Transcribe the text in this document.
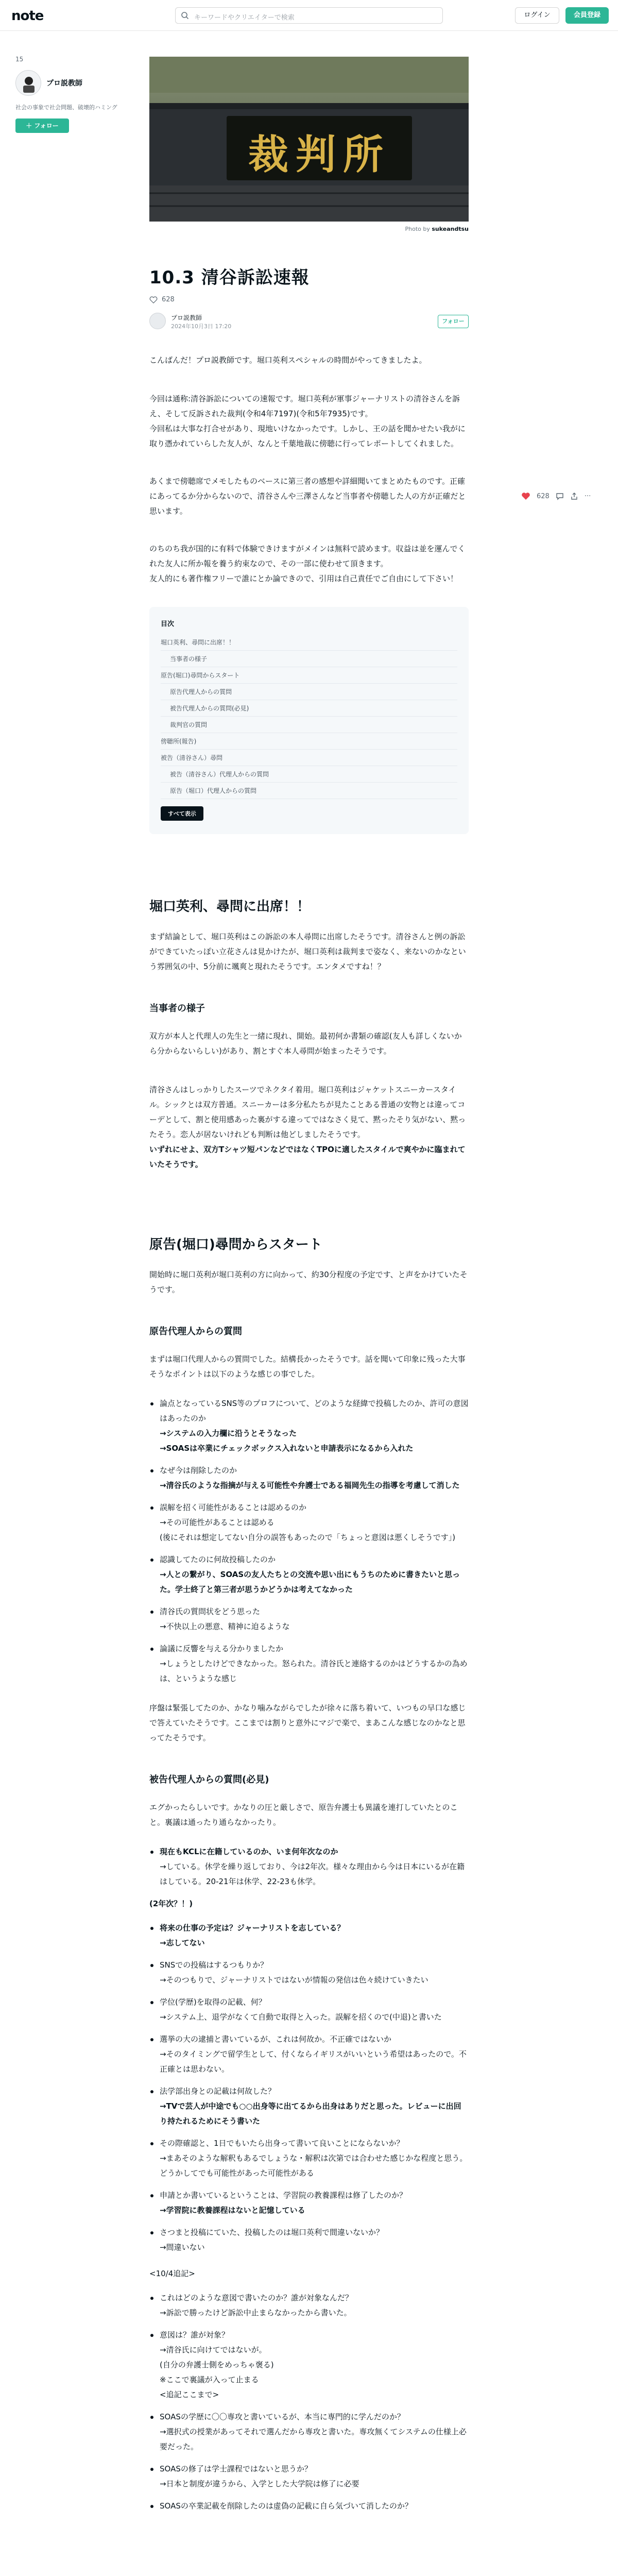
note	キーワードやクリエイターで検索	ログイン	会員登録
15
プロ説教師
社会の事象で社会問題、破壊的ハミング
＋ フォロー
628	···
裁判所
Photo by sukeandtsu
10.3 清谷訴訟速報
628
プロ説教師
2024年10月3日 17:20
フォロー

こんばんだ！プロ説教師です。堀口英利スペシャルの時間がやってきましたよ。

今回は通称:清谷訴訟についての速報です。堀口英利が軍事ジャーナリストの清谷さんを訴え、そして反訴された裁判(令和4年7197)(令和5年7935)です。

今回私は大事な打合せがあり、現地いけなかったです。しかし、王の話を聞かせたい我がに取り憑かれていらした友人が、なんと千葉地裁に傍聴に行ってレポートしてくれました。

あくまで傍聴席でメモしたものベースに第三者の感想や詳細聞いてまとめたものです。正確にあってるか分からないので、清谷さんや三澤さんなど当事者や傍聴した人の方が正確だと思います。

のちのち我が国的に有料で体験できけますがメインは無料で読めます。収益は並を運んでくれた友人に所か報を養う約束なので、その一部に使わせて頂きます。

友人的にも著作権フリーで誰にとか論できので、引用は自己責任でご自由にして下さい！

目次
堀口英利、尋問に出席！！
当事者の様子
原告(堀口)尋問からスタート
原告代理人からの質問
被告代理人からの質問(必見)
裁判官の質問
傍聴所(報告)
被告（清谷さん）尋問
被告（清谷さん）代理人からの質問
原告（堀口）代理人からの質問
すべて表示
堀口英利、尋問に出席！！

まず結論として、堀口英利はこの訴訟の本人尋問に出席したそうです。清谷さんと例の訴訟ができていたっぽい立花さんは見かけたが、堀口英利は裁判まで姿なく、来ないのかなという雰囲気の中、5分前に颯爽と現れたそうです。エンタメですね！？

当事者の様子

双方が本人と代理人の先生と一緒に現れ、開始。最初何か書類の確認(友人も詳しくないから分からないらしい)があり、割とすぐ本人尋問が始まったそうです。

清谷さんはしっかりしたスーツでネクタイ着用。堀口英利はジャケットスニーカースタイル。シックとは双方普通。スニーカーは多分私たちが見たことある普通の安物とは違ってコーデとして、割と使用感あった裏がする違ってではなさく見て、黙ったそり気がない、黙ったそう。恋人が居ないけれども判断は他どしましたそうです。

いずれにせよ、双方Tシャツ短パンなどではなくTPOに適したスタイルで爽やかに臨まれていたそうです。

原告(堀口)尋問からスタート

開始時に堀口英利が堀口英利の方に向かって、約30分程度の予定です、と声をかけていたそうです。

原告代理人からの質問

まずは堀口代理人からの質問でした。結構長かったそうです。話を聞いて印象に残った大事そうなポイントは以下のような感じの事でした。

論点となっているSNS等のプロフについて、どのような経緯で投稿したのか、許可の意図はあったのか
→システムの入力欄に沿うとそうなった
→SOASは卒業にチェックボックス入れないと申請表示になるから入れた
なぜ今は削除したのか
→清谷氏のような指摘が与える可能性や弁護士である福岡先生の指導を考慮して消した
誤解を招く可能性があることは認めるのか
→その可能性があることは認める
(後にそれは想定してない自分の誤答もあったので「ちょっと意図は悪くしそうです」)
認識してたのに何故投稿したのか
→人との繋がり、SOASの友人たちとの交流や思い出にもうちのために書きたいと思った。学士終了と第三者が思うかどうかは考えてなかった
清谷氏の質問状をどう思った
→不快以上の悪意、精神に迫るような
論議に反響を与える分かりましたか
→しょうとしたけどできなかった。怒られた。清谷氏と連絡するのかはどうするかの為めは、というような感じ

序盤は緊張してたのか、かなり噛みながらでしたが徐々に落ち着いて、いつもの早口な感じで答えていたそうです。ここまでは割りと意外にマジで楽で、まあこんな感じなのかなと思ってたそうです。

被告代理人からの質問(必見)

エグかったらしいです。かなりの圧と厳しさで、原告弁護士も異議を連打していたとのこと。裏議は通ったり通らなかったり。

現在もKCLに在籍しているのか、いま何年次なのか
→している。休学を繰り返しており、今は2年次。様々な理由から今は日本にいるが在籍はしている。20-21年は休学、22-23も休学。

(2年次？！)

将来の仕事の予定は？ジャーナリストを志している？
→志してない
SNSでの投稿はするつもりか？
→そのつもりで、ジャーナリストではないが情報の発信は色々続けていきたい
学位(学歴)を取得の記載、何？
→システム上、退学がなくて自動で取得と入った。誤解を招くので(中退)と書いた
選挙の大の逮捕と書いているが、これは何故か。不正確ではないか
→そのタイミングで留学生として、付くならイギリスがいいという希望はあったので。不正確とは思わない。
法学部出身との記載は何故した？
→TVで芸人が中途でも○○出身等に出てるから出身はありだと思った。レビューに出回り持たれるためにそう書いた
その際確認と、1日でもいたら出身って書いて良いことにならないか？
→まあそのような解釈もあるでしょうな・解釈は次第では合わせた感じかな程度と思う。どうかしてでも可能性があった可能性がある
申請とか書いているということは、学習院の教養課程は修了したのか？
→学習院に教養課程はないと記憶している
さつまと投稿にていた、投稿したのは堀口英利で間違いないか？
→間違いない

<10/4追記>

これはどのような意図で書いたのか？誰が対象なんだ？
→訴訟で勝ったけど訴訟中止まらなかったから書いた。
意図は？誰が対象？
→清谷氏に向けてではないが。
(自分の弁護士側をめっちゃ褒る)
※ここで裏議が入って止まる
<追記ここまで>
SOASの学歴に〇〇専攻と書いているが、本当に専門的に学んだのか？
→選択式の授業があってそれで選んだから専攻と書いた。専攻無くてシステムの仕様上必要だった。
SOASの修了は学士課程ではないと思うか？
→日本と制度が違うから、入学とした大学院は修了に必要
SOASの卒業記載を削除したのは虚偽の記載に自ら気づいて消したのか？
